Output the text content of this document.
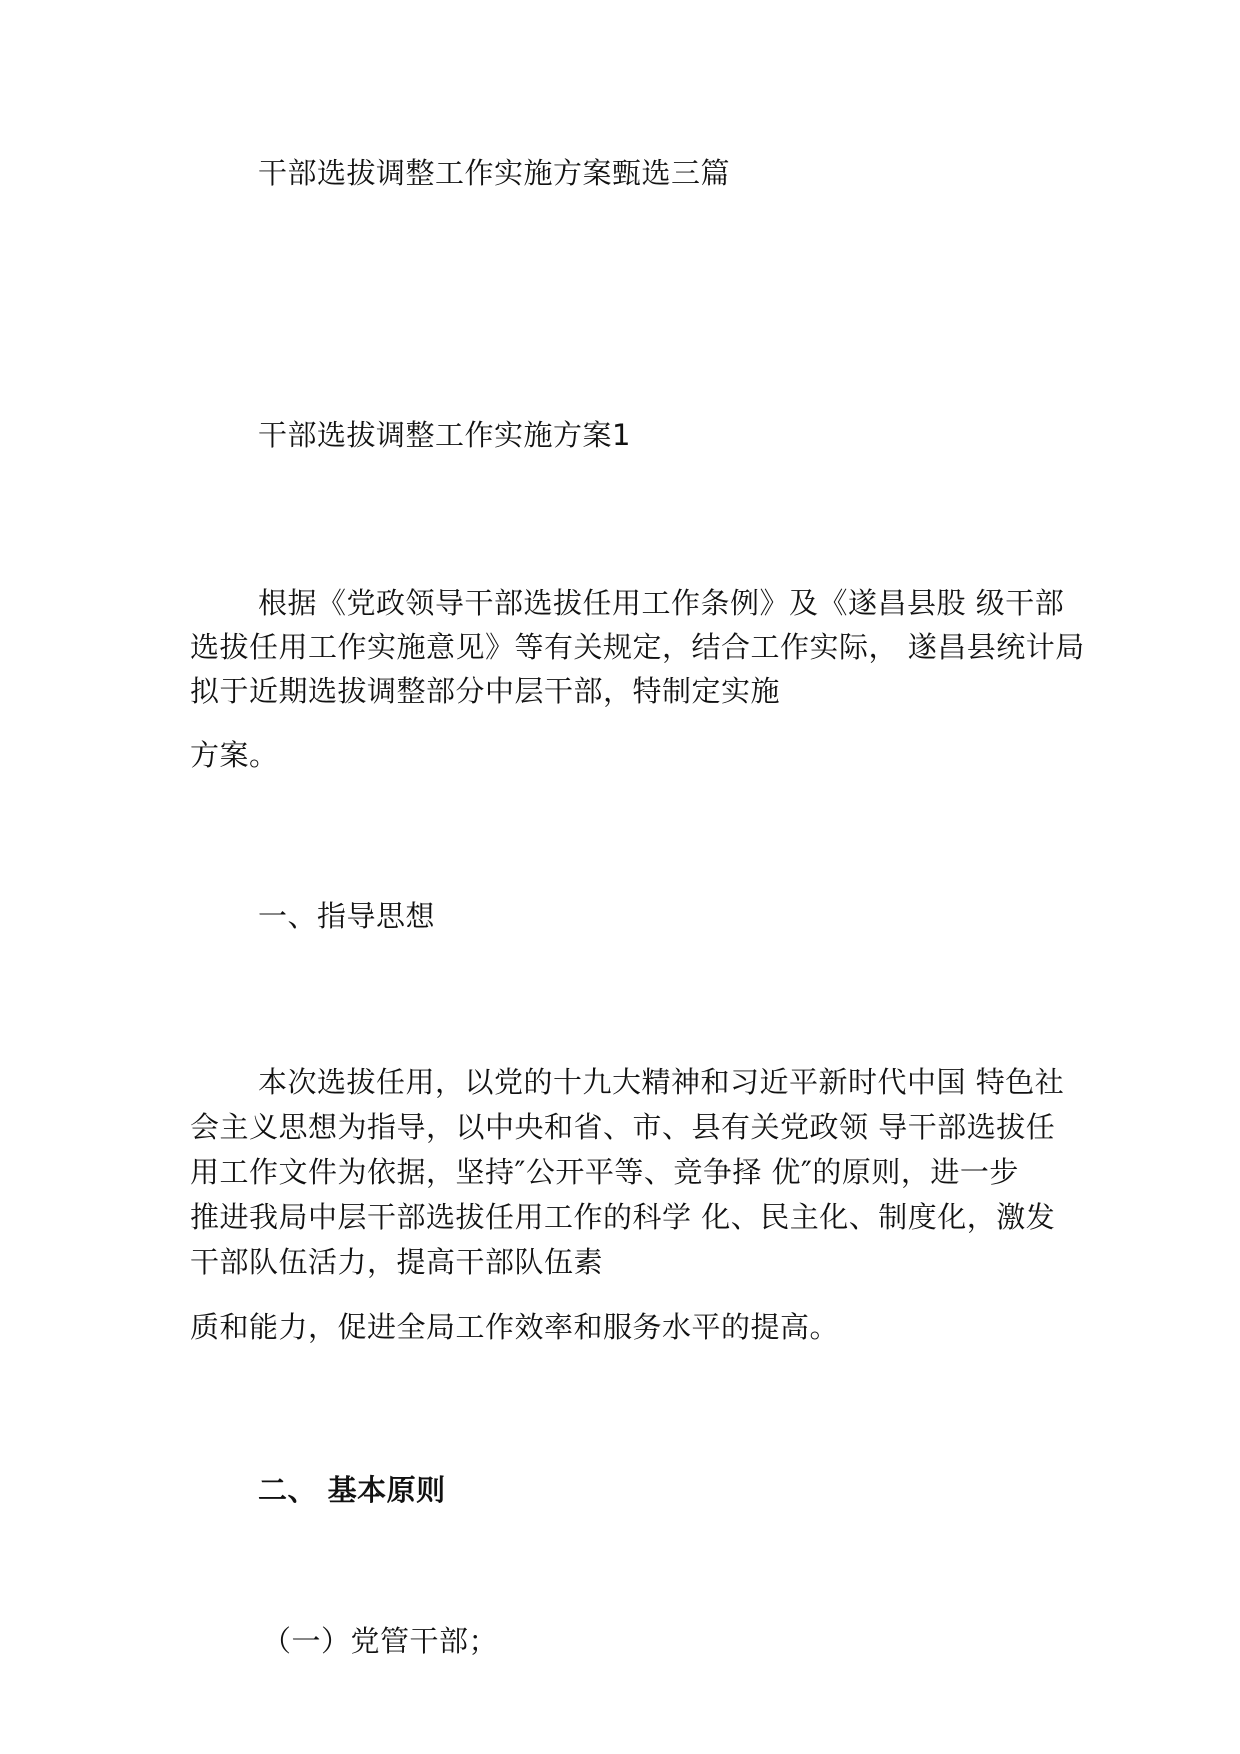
干部选拔调整工作实施方案甄选三篇
干部选拔调整工作实施方案1
根据《党政领导干部选拔任用工作条例》及《遂昌县股 级干部
选拔任用工作实施意见》等有关规定，结合工作实际， 遂昌县统计局
拟于近期选拔调整部分中层干部，特制定实施
方案。
一、指导思想
本次选拔任用，以党的十九大精神和习近平新时代中国 特色社
会主义思想为指导，以中央和省、市、县有关党政领 导干部选拔任
用工作文件为依据，坚持″公开平等、竞争择 优″的原则，进一步
推进我局中层干部选拔任用工作的科学 化、民主化、制度化，激发
干部队伍活力，提高干部队伍素
质和能力，促进全局工作效率和服务水平的提高。
二、 基本原则
（一）党管干部；
